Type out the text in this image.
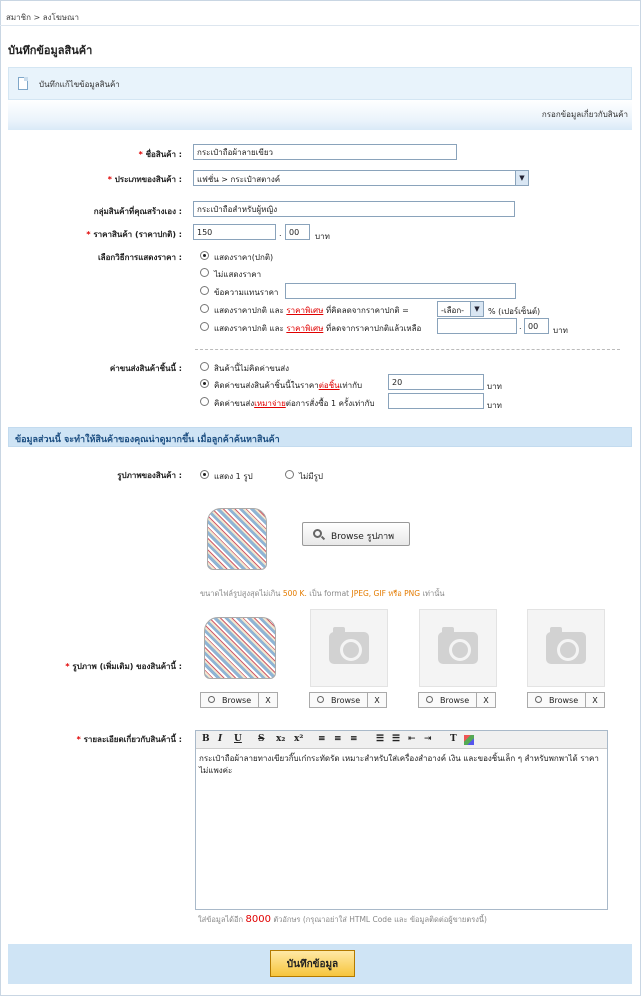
สมาชิก > ลงโฆษณา
บันทึกข้อมูลสินค้า
บันทึกแก้ไขข้อมูลสินค้า
กรอกข้อมูลเกี่ยวกับสินค้า
* ชื่อสินค้า :
กระเป๋าถือผ้าลายเขียว
* ประเภทของสินค้า :	แฟชั่น > กระเป๋าสตางค์	▼
กลุ่มสินค้าที่คุณสร้างเอง :
กระเป๋าถือสำหรับผู้หญิง
* ราคาสินค้า (ราคาปกติ) :
150	.
00	บาท
เลือกวิธีการแสดงราคา :	แสดงราคา(ปกติ)
ไม่แสดงราคา
ข้อความแทนราคา
แสดงราคาปกติ และ ราคาพิเศษ ที่คิดลดจากราคาปกติ =	-เลือก-	▼	% (เปอร์เซ็นต์)
แสดงราคาปกติ และ ราคาพิเศษ ที่ลดจากราคาปกติแล้วเหลือ	.
00	บาท
ค่าขนส่งสินค้าชิ้นนี้ :	สินค้านี้ไม่คิดค่าขนส่ง
คิดค่าขนส่งสินค้าชิ้นนี้ในราคาต่อชิ้นเท่ากับ
20	บาท
คิดค่าขนส่งเหมาจ่ายต่อการสั่งซื้อ 1 ครั้งเท่ากับ	บาท
ข้อมูลส่วนนี้ จะทำให้สินค้าของคุณน่าดูมากขึ้น เมื่อลูกค้าค้นหาสินค้า
รูปภาพของสินค้า :	แสดง 1 รูป	ไม่มีรูป
Browse รูปภาพ
ขนาดไฟล์รูปสูงสุดไม่เกิน 500 K. เป็น format JPEG, GIF หรือ PNG เท่านั้น
* รูปภาพ (เพิ่มเติม) ของสินค้านี้ :
Browse	X	Browse	X	Browse	X	Browse	X
* รายละเอียดเกี่ยวกับสินค้านี้ : B I U S x₂ x² ≡ ≡ ≡ ☰ ☰ ⇤ ⇥ T
กระเป๋าถือผ้าลายทางเขียวกิ๊บเก๋กระทัดรัด เหมาะสำหรับใส่เครื่องสำอางค์ เงิน และของชิ้นเล็ก ๆ สำหรับพกพาได้ ราคาไม่แพงค่ะ
ใส่ข้อมูลได้อีก 8000 ตัวอักษร (กรุณาอย่าใส่ HTML Code และ ข้อมูลติดต่อผู้ขายตรงนี้)
บันทึกข้อมูล
